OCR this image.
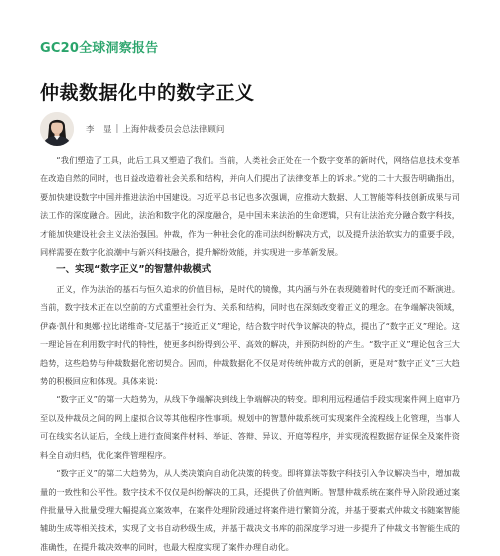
GC20全球洞察报告
仲裁数据化中的数字正义
李　显 | 上海仲裁委员会总法律顾问

“我们塑造了工具，此后工具又塑造了我们。当前，人类社会正处在一个数字变革的新时代，网络信息技术变革在改造自然的同时，也日益改造着社会关系和结构，并向人们提出了法律变革上的诉求。”党的二十大报告明确指出，要加快建设数字中国并推进法治中国建设。习近平总书记也多次强调，应推动大数据、人工智能等科技创新成果与司法工作的深度融合。因此，法治和数字化的深度融合，是中国未来法治的生命逻辑，只有让法治充分融合数字科技，才能加快建设社会主义法治强国。仲裁，作为一种社会化的准司法纠纷解决方式，以及提升法治软实力的重要手段，同样需要在数字化浪潮中与新兴科技融合，提升解纷效能，并实现进一步革新发展。

一、实现“数字正义”的智慧仲裁模式

正义，作为法治的基石与恒久追求的价值目标，是时代的镜像，其内涵与外在表现随着时代的变迁而不断演进。当前，数字技术正在以空前的方式重塑社会行为、关系和结构，同时也在深刻改变着正义的理念。在争端解决领域，伊森·凯什和奥娜·拉比诺维奇-艾尼基于“接近正义”理论，结合数字时代争议解决的特点，提出了“数字正义”理论。这一理论旨在利用数字时代的特性，使更多纠纷得到公平、高效的解决，并预防纠纷的产生。“数字正义”理论包含三大趋势，这些趋势与仲裁数据化密切契合。因而，仲裁数据化不仅是对传统仲裁方式的创新，更是对“数字正义”三大趋势的积极回应和体现。具体来说：

“数字正义”的第一大趋势为，从线下争端解决到线上争端解决的转变。即利用远程通信手段实现案件网上庭审乃至以及仲裁员之间的网上虚拟合议等其他程序性事项。规划中的智慧仲裁系统可实现案件全流程线上化管理，当事人可在线实名认证后，全线上进行查阅案件材料、举证、答辩、异议、开庭等程序，并实现流程数据存证保全及案件资料全自动归档，优化案件管理程序。

“数字正义”的第二大趋势为，从人类决策向自动化决策的转变。即将算法等数字科技引入争议解决当中，增加裁量的一致性和公平性。数字技术不仅仅是纠纷解决的工具，还提供了价值判断。智慧仲裁系统在案件导入阶段通过案件批量导入批量受理大幅提高立案效率，在案件处理阶段通过将案件进行繁简分流，并基于要素式仲裁文书随案智能辅助生成等相关技术，实现了文书自动秒级生成，并基于裁决文书库的前深度学习进一步提升了仲裁文书智能生成的准确性，在提升裁决效率的同时，也最大程度实现了案件办理自动化。
